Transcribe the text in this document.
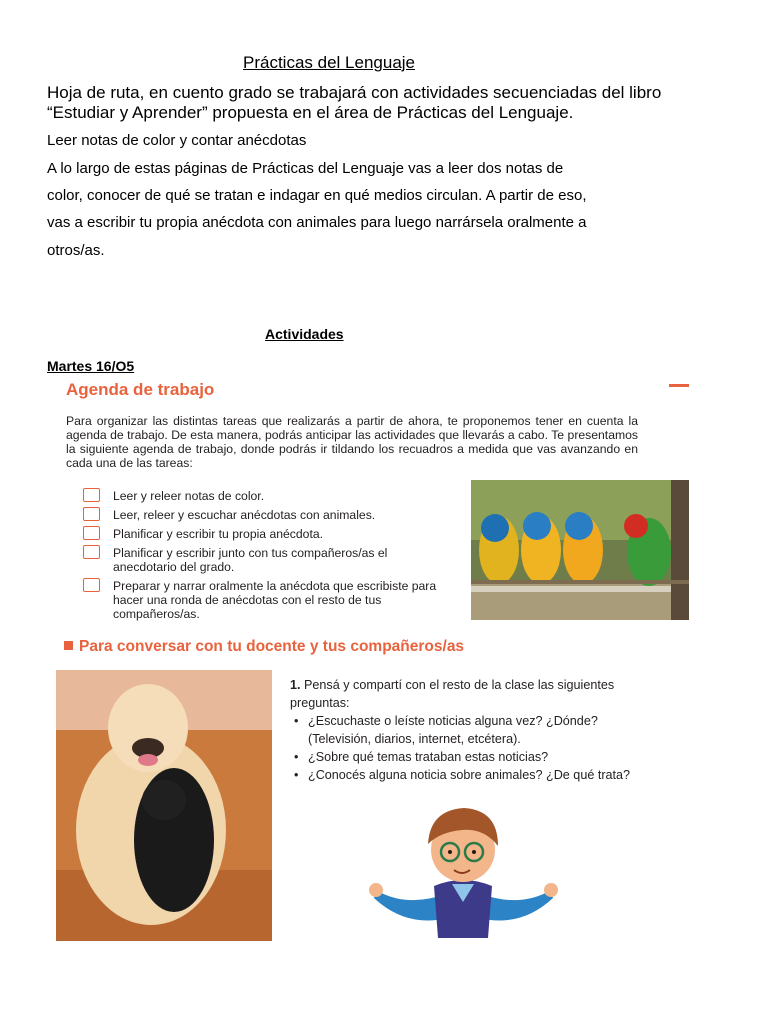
Prácticas del Lenguaje
Hoja de ruta, en cuento grado se trabajará con actividades secuenciadas del libro
“Estudiar y Aprender” propuesta en el área de Prácticas del Lenguaje.
Leer notas de color y contar anécdotas
A lo largo de estas páginas de Prácticas del Lenguaje vas a leer dos notas de
color, conocer de qué se tratan e indagar en qué medios circulan. A partir de eso,
vas a escribir tu propia anécdota con animales para luego narrársela oralmente a
otros/as.
Actividades
Martes 16/O5
Agenda de trabajo
Para organizar las distintas tareas que realizarás a partir de ahora, te proponemos tener en cuenta la agenda de trabajo. De esta manera, podrás anticipar las actividades que llevarás a cabo. Te presentamos la siguiente agenda de trabajo, donde podrás ir tildando los recuadros a medida que vas avanzando en cada una de las tareas:
Leer y releer notas de color.
Leer, releer y escuchar anécdotas con animales.
Planificar y escribir tu propia anécdota.
Planificar y escribir junto con tus compañeros/as el anecdotario del grado.
Preparar y narrar oralmente la anécdota que escribiste para hacer una ronda de anécdotas con el resto de tus compañeros/as.
Para conversar con tu docente y tus compañeros/as
1. Pensá y compartí con el resto de la clase las siguientes preguntas:
• ¿Escuchaste o leíste noticias alguna vez? ¿Dónde? (Televisión, diarios, internet, etcétera).
• ¿Sobre qué temas trataban estas noticias?
• ¿Conocés alguna noticia sobre animales? ¿De qué trata?
